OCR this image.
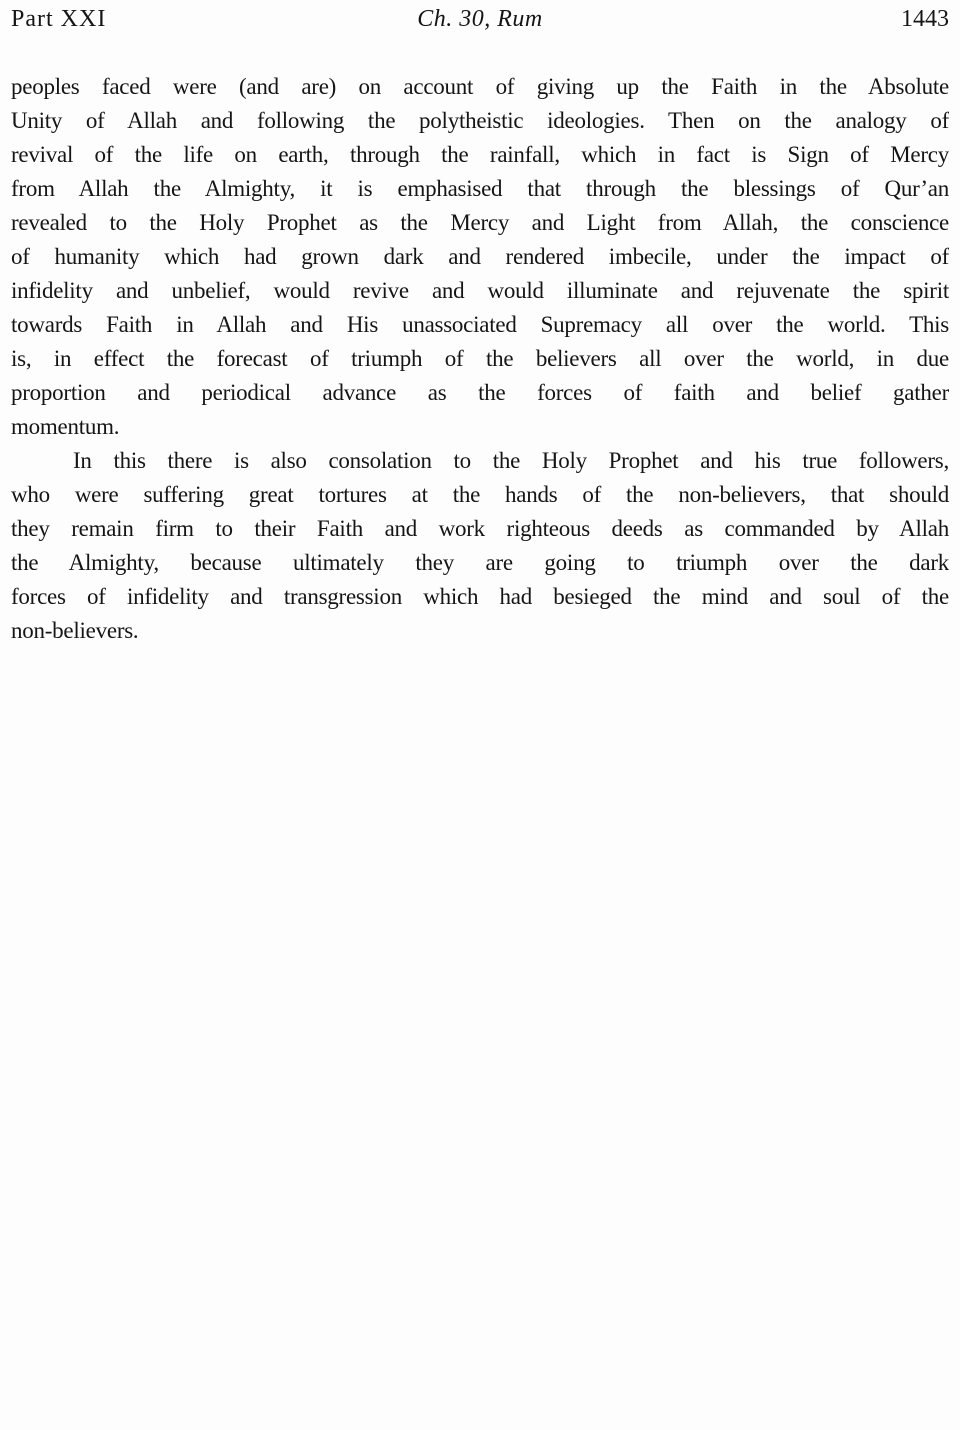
Part XXI	Ch. 30, Rum	1443
peoples faced were (and are) on account of giving up the Faith in the Absolute
Unity of Allah and following the polytheistic ideologies. Then on the analogy of
revival of the life on earth, through the rainfall, which in fact is Sign of Mercy
from Allah the Almighty, it is emphasised that through the blessings of Qur’an
revealed to the Holy Prophet as the Mercy and Light from Allah, the conscience
of humanity which had grown dark and rendered imbecile, under the impact of
infidelity and unbelief, would revive and would illuminate and rejuvenate the spirit
towards Faith in Allah and His unassociated Supremacy all over the world. This
is, in effect the forecast of triumph of the believers all over the world, in due
proportion and periodical advance as the forces of faith and belief gather
momentum.
In this there is also consolation to the Holy Prophet and his true followers,
who were suffering great tortures at the hands of the non-believers, that should
they remain firm to their Faith and work righteous deeds as commanded by Allah
the Almighty, because ultimately they are going to triumph over the dark
forces of infidelity and transgression which had besieged the mind and soul of the
non-believers.
